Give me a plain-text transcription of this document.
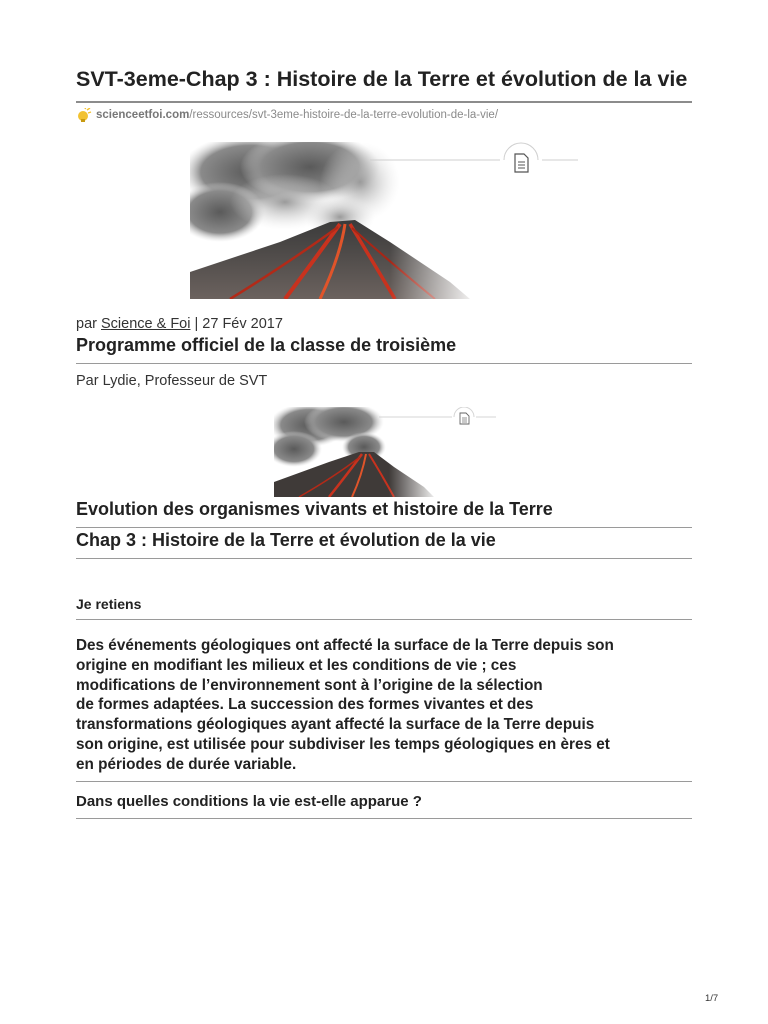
SVT-3eme-Chap 3 : Histoire de la Terre et évolution de la vie
scienceetfoi.com /ressources/svt-3eme-histoire-de-la-terre-evolution-de-la-vie/
par Science & Foi | 27 Fév 2017
Programme officiel de la classe de troisième
Par Lydie, Professeur de SVT
Evolution des organismes vivants et histoire de la Terre
Chap 3 : Histoire de la Terre et évolution de la vie
Je retiens
Des événements géologiques ont affecté la surface de la Terre depuis son
origine en modifiant les milieux et les conditions de vie ; ces
modifications de l’environnement sont à l’origine de la sélection
de formes adaptées. La succession des formes vivantes et des
transformations géologiques ayant affecté la surface de la Terre depuis
son origine, est utilisée pour subdiviser les temps géologiques en ères et
en périodes de durée variable.
Dans quelles conditions la vie est-elle apparue ?
1/7
